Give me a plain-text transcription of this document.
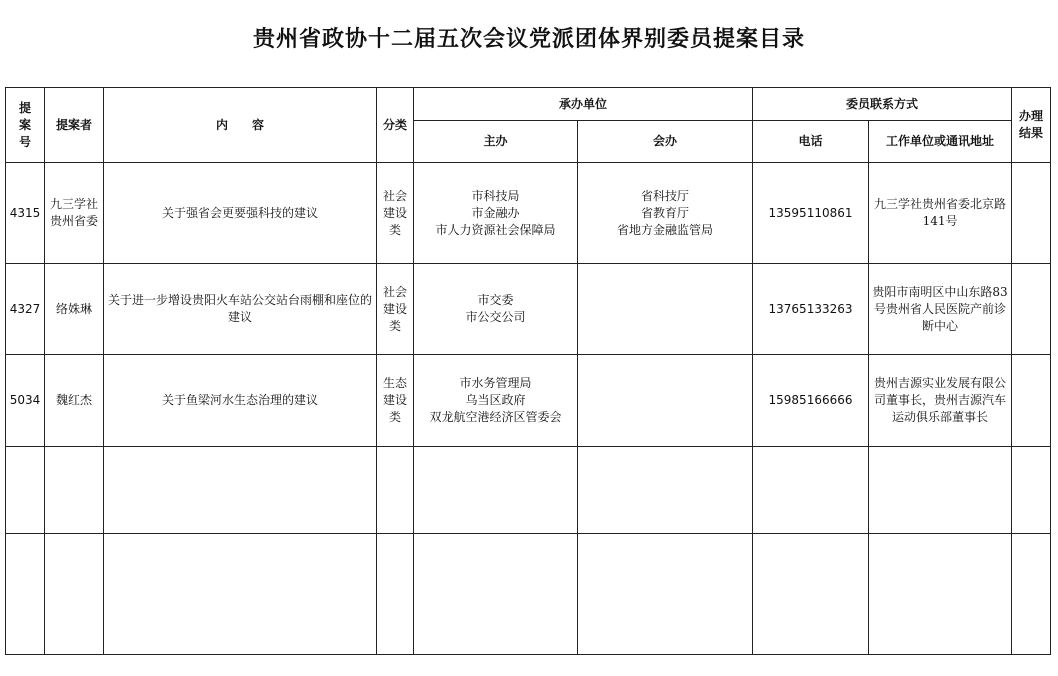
贵州省政协十二届五次会议党派团体界别委员提案目录
提
案
号	提案者	内　　容	分类	承办单位		委员联系方式		办理
结果

				主办	会办	电话	工作单位或通讯地址	
4315	九三学社
贵州省委	关于强省会更要强科技的建议	社会
建设
类	市科技局
市金融办
市人力资源社会保障局	省科技厅
省教育厅
省地方金融监管局	13595110861	九三学社贵州省委北京路141号	
4327	络姝琳	关于进一步增设贵阳火车站公交站台雨棚和座位的建议	社会
建设
类	市交委
市公交公司		13765133263	贵阳市南明区中山东路83号贵州省人民医院产前诊断中心	
5034	魏红杰	关于鱼梁河水生态治理的建议	生态
建设
类	市水务管理局
乌当区政府
双龙航空港经济区管委会		15985166666	贵州吉源实业发展有限公司董事长，贵州吉源汽车运动俱乐部董事长	
